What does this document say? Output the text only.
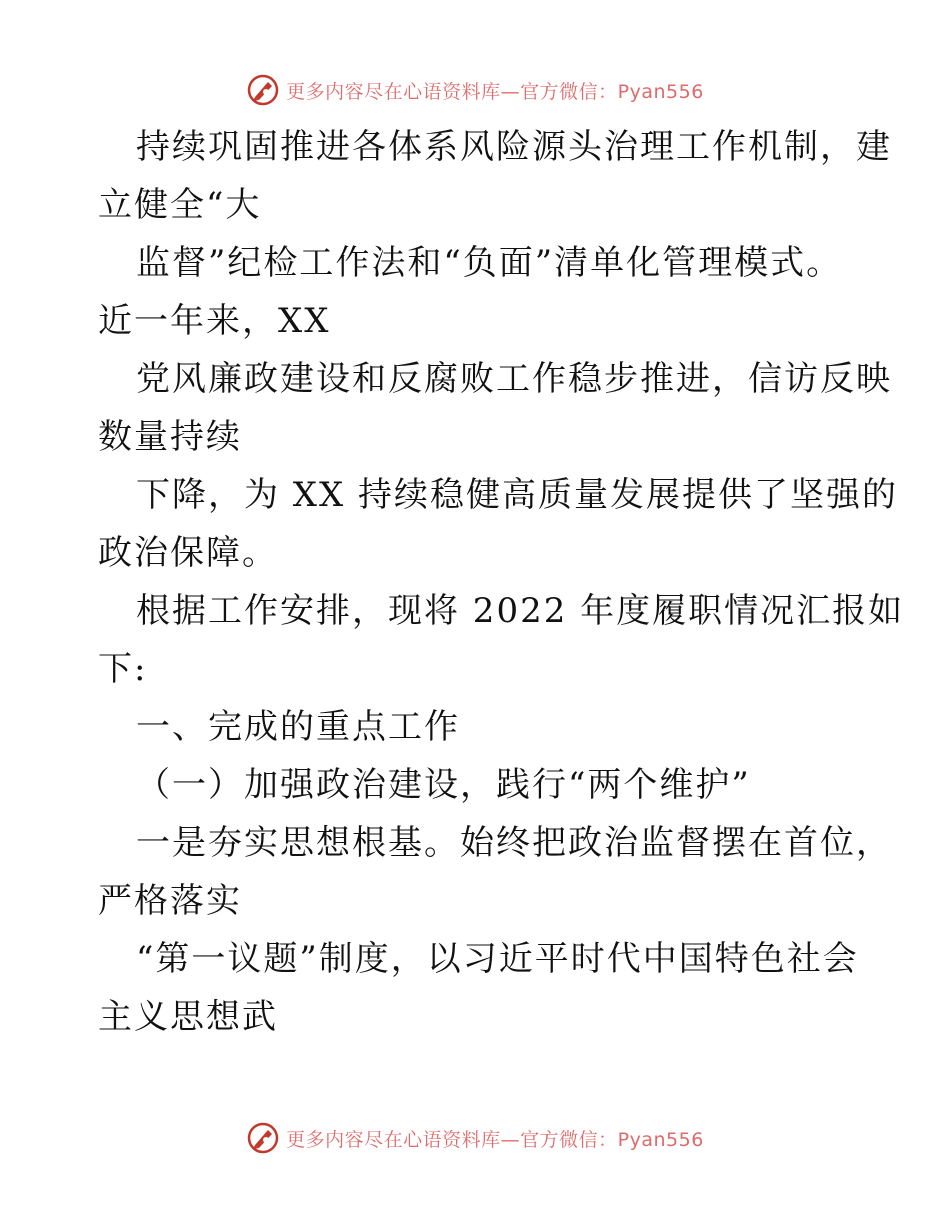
更多内容尽在心语资料库—官方微信：Pyan556
持续巩固推进各体系风险源头治理工作机制，建
立健全“大
监督”纪检工作法和“负面”清单化管理模式。
近一年来，XX
党风廉政建设和反腐败工作稳步推进，信访反映
数量持续
下降，为 XX 持续稳健高质量发展提供了坚强的
政治保障。
根据工作安排，现将 2022 年度履职情况汇报如
下:
一、完成的重点工作
（一）加强政治建设，践行“两个维护”
一是夯实思想根基。始终把政治监督摆在首位，
严格落实
“第一议题”制度，以习近平时代中国特色社会
主义思想武
更多内容尽在心语资料库—官方微信：Pyan556
